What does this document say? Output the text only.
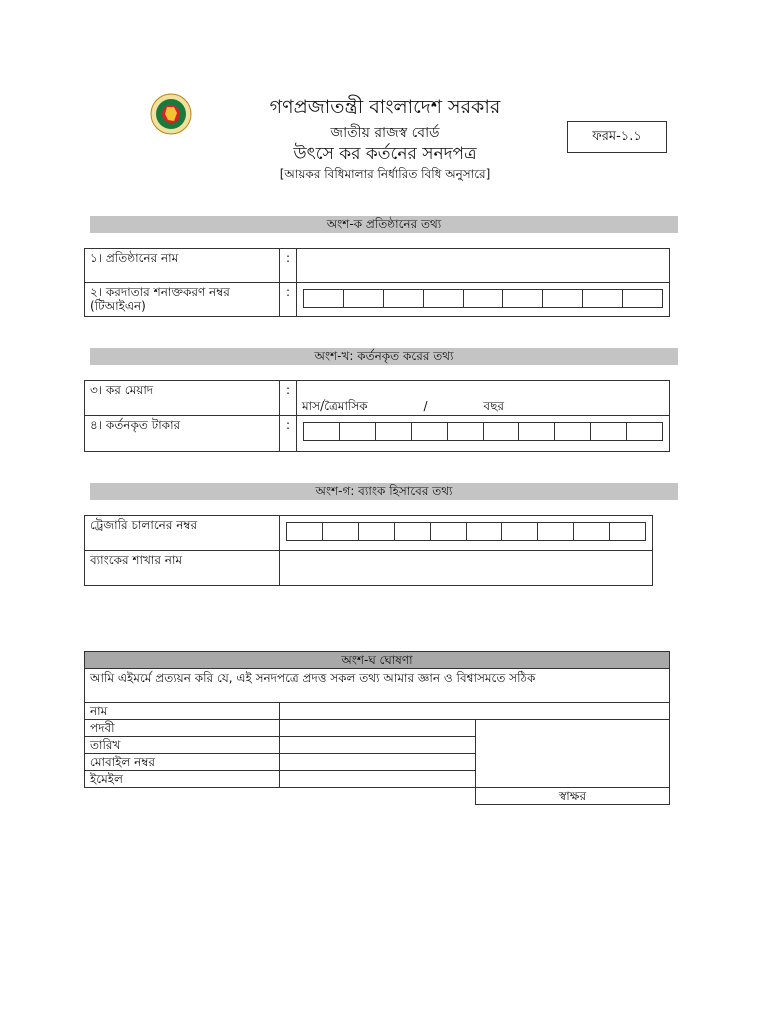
গণপ্রজাতন্ত্রী বাংলাদেশ সরকার
জাতীয় রাজস্ব বোর্ড
উৎসে কর কর্তনের সনদপত্র
[আয়কর বিধিমালার নির্ধারিত বিধি অনুসারে]
ফরম-১.১
অংশ-ক প্রতিষ্ঠানের তথ্য
১। প্রতিষ্ঠানের নাম	:	
২। করদাতার শনাক্তকরণ নম্বর (টিআইএন)	:	
অংশ-খ: কর্তনকৃত করের তথ্য
৩। কর মেয়াদ	:	মাস/ত্রৈমাসিক / বছর
৪। কর্তনকৃত টাকার	:	
অংশ-গ: ব্যাংক হিসাবের তথ্য
ট্রেজারি চালানের নম্বর	

ব্যাংকের শাখার নাম	
অংশ-ঘ ঘোষণা		
আমি এইমর্মে প্রত্যয়ন করি যে, এই সনদপত্রে প্রদত্ত সকল তথ্য আমার জ্ঞান ও বিশ্বাসমতে সঠিক		
নাম		
পদবী		
তারিখ		
মোবাইল নম্বর		
ইমেইল		
		স্বাক্ষর
